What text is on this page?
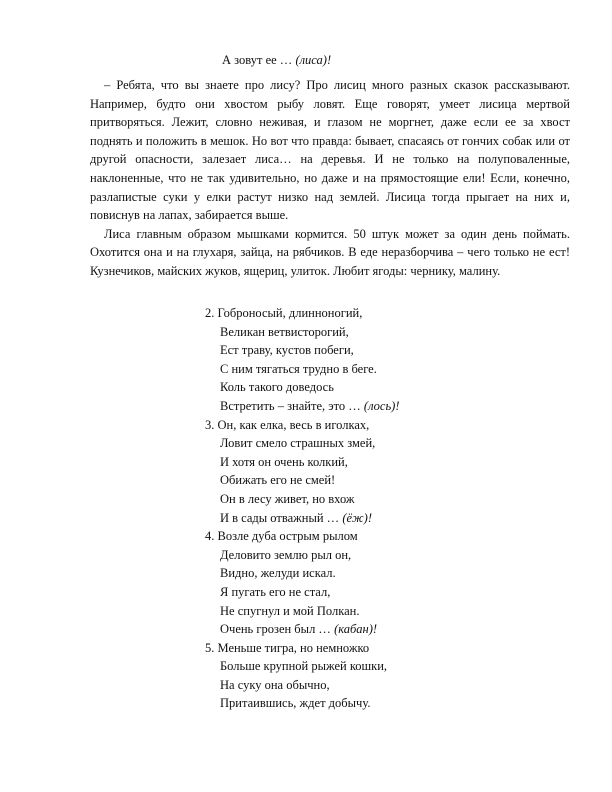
А зовут ее … (лиса)!

– Ребята, что вы знаете про лису? Про лисиц много разных сказок рассказывают. Например, будто они хвостом рыбу ловят. Еще говорят, умеет лисица мертвой притворяться. Лежит, словно неживая, и глазом не моргнет, даже если ее за хвост поднять и положить в мешок. Но вот что правда: бывает, спасаясь от гончих собак или от другой опасности, залезает лиса… на деревья. И не только на полуповаленные, наклоненные, что не так удивительно, но даже и на прямостоящие ели! Если, конечно, разлапистые суки у елки растут низко над землей. Лисица тогда прыгает на них и, повиснув на лапах, забирается выше.

Лиса главным образом мышками кормится. 50 штук может за один день поймать. Охотится она и на глухаря, зайца, на рябчиков. В еде неразборчива – чего только не ест! Кузнечиков, майских жуков, ящериц, улиток. Любит ягоды: чернику, малину.

2. Гоброносый, длинноногий,
Великан ветвисторогий,
Ест траву, кустов побеги,
С ним тягаться трудно в беге.
Коль такого доведось
Встретить – знайте, это … (лось)!
3. Он, как елка, весь в иголках,
Ловит смело страшных змей,
И хотя он очень колкий,
Обижать его не смей!
Он в лесу живет, но вхож
И в сады отважный … (ёж)!
4. Возле дуба острым рылом
Деловито землю рыл он,
Видно, желуди искал.
Я пугать его не стал,
Не спугнул и мой Полкан.
Очень грозен был … (кабан)!
5. Меньше тигра, но немножко
Больше крупной рыжей кошки,
На суку она обычно,
Притаившись, ждет добычу.
